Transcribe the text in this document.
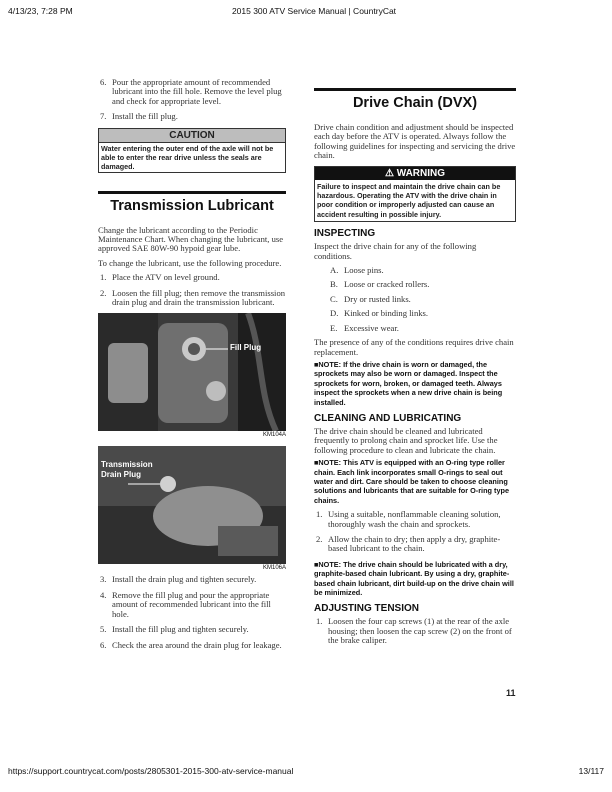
4/13/23, 7:28 PM	2015 300 ATV Service Manual | CountryCat
6. Pour the appropriate amount of recommended lubricant into the fill hole. Remove the level plug and check for appropriate level.
7. Install the fill plug.
CAUTION
Water entering the outer end of the axle will not be able to enter the rear drive unless the seals are damaged.
Transmission Lubricant
Change the lubricant according to the Periodic Maintenance Chart. When changing the lubricant, use approved SAE 80W-90 hypoid gear lube.
To change the lubricant, use the following procedure.
1. Place the ATV on level ground.
2. Loosen the fill plug; then remove the transmission drain plug and drain the transmission lubricant.
Fill Plug
KM104A
Transmission Drain Plug
KM106A
3. Install the drain plug and tighten securely.
4. Remove the fill plug and pour the appropriate amount of recommended lubricant into the fill hole.
5. Install the fill plug and tighten securely.
6. Check the area around the drain plug for leakage.
Drive Chain (DVX)
Drive chain condition and adjustment should be inspected each day before the ATV is operated. Always follow the following guidelines for inspecting and servicing the drive chain.
⚠ WARNING
Failure to inspect and maintain the drive chain can be hazardous. Operating the ATV with the drive chain in poor condition or improperly adjusted can cause an accident resulting in possible injury.
INSPECTING
Inspect the drive chain for any of the following conditions.
A. Loose pins.
B. Loose or cracked rollers.
C. Dry or rusted links.
D. Kinked or binding links.
E. Excessive wear.
The presence of any of the conditions requires drive chain replacement.
■NOTE: If the drive chain is worn or damaged, the sprockets may also be worn or damaged. Inspect the sprockets for worn, broken, or damaged teeth. Always inspect the sprockets when a new drive chain is being installed.
CLEANING AND LUBRICATING
The drive chain should be cleaned and lubricated frequently to prolong chain and sprocket life. Use the following procedure to clean and lubricate the chain.
■NOTE: This ATV is equipped with an O-ring type roller chain. Each link incorporates small O-rings to seal out water and dirt. Care should be taken to choose cleaning solutions and lubricants that are suitable for O-ring type chains.
1. Using a suitable, nonflammable cleaning solution, thoroughly wash the chain and sprockets.
2. Allow the chain to dry; then apply a dry, graphite-based lubricant to the chain.
■NOTE: The drive chain should be lubricated with a dry, graphite-based chain lubricant. By using a dry, graphite-based chain lubricant, dirt build-up on the drive chain will be minimized.
ADJUSTING TENSION
1. Loosen the four cap screws (1) at the rear of the axle housing; then loosen the cap screw (2) on the front of the brake caliper.
11
https://support.countrycat.com/posts/2805301-2015-300-atv-service-manual	13/117
